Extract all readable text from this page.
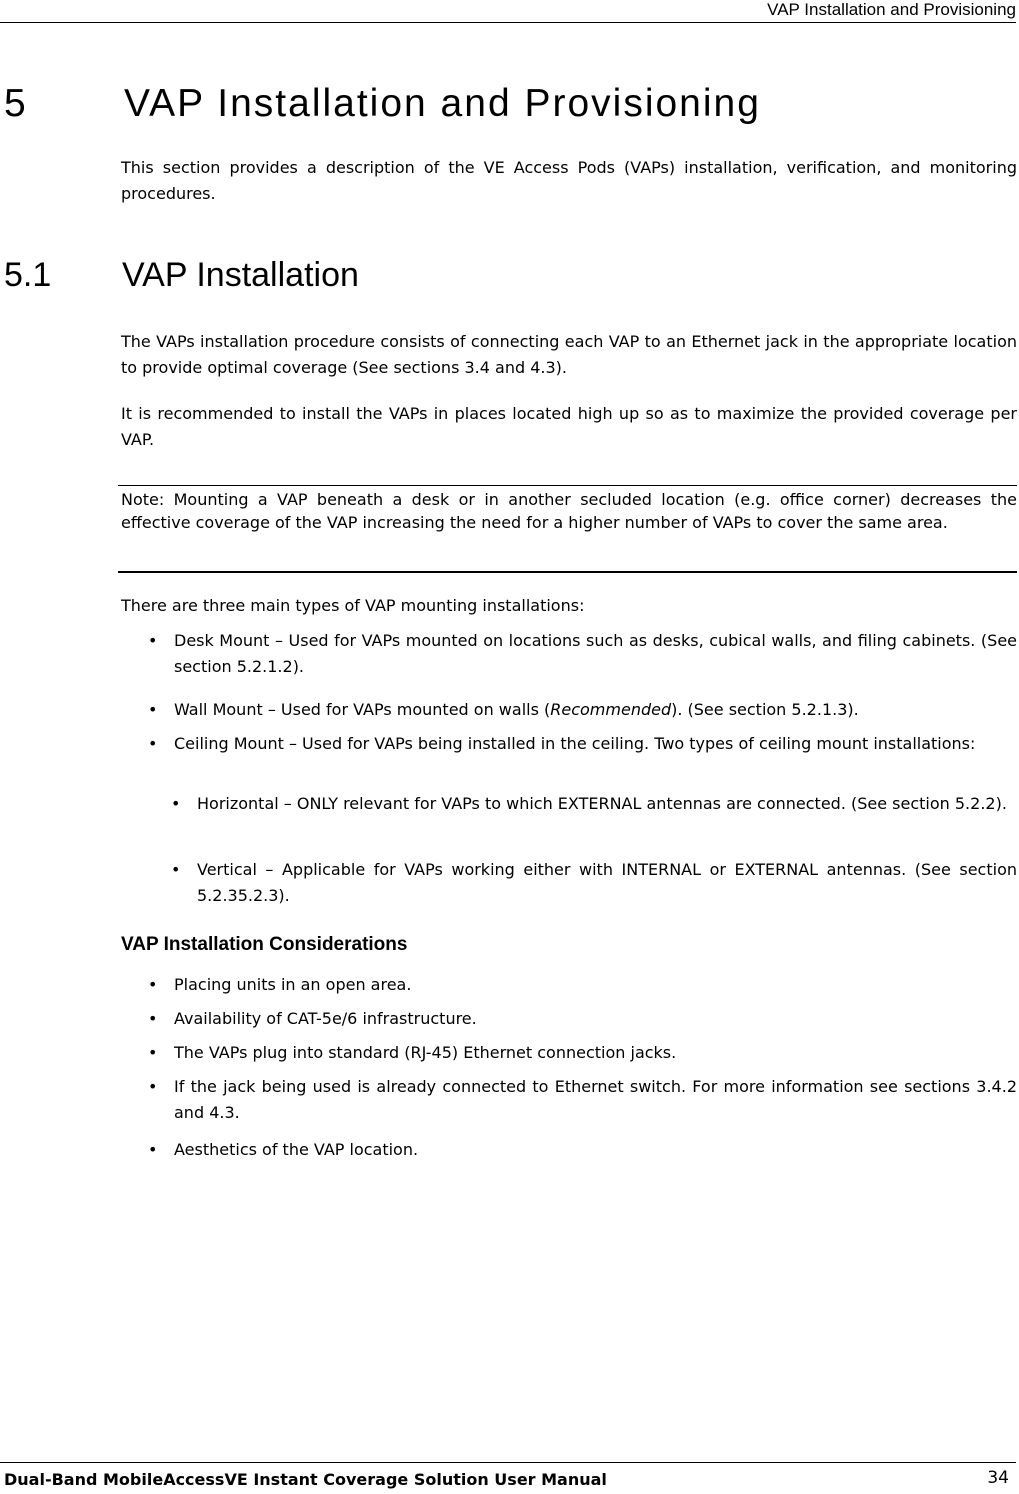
VAP Installation and Provisioning
5 VAP Installation and Provisioning
This section provides a description of the VE Access Pods (VAPs) installation, verification, and monitoring procedures.
5.1 VAP Installation
The VAPs installation procedure consists of connecting each VAP to an Ethernet jack in the appropriate location to provide optimal coverage (See sections 3.4 and 4.3).
It is recommended to install the VAPs in places located high up so as to maximize the provided coverage per VAP.
Note: Mounting a VAP beneath a desk or in another secluded location (e.g. office corner) decreases the effective coverage of the VAP increasing the need for a higher number of VAPs to cover the same area.
There are three main types of VAP mounting installations:
•	Desk Mount – Used for VAPs mounted on locations such as desks, cubical walls, and filing cabinets. (See section 5.2.1.2).
•	Wall Mount – Used for VAPs mounted on walls (Recommended). (See section 5.2.1.3).
•	Ceiling Mount – Used for VAPs being installed in the ceiling. Two types of ceiling mount installations:
•	Horizontal – ONLY relevant for VAPs to which EXTERNAL antennas are connected. (See section 5.2.2).
•	Vertical – Applicable for VAPs working either with INTERNAL or EXTERNAL antennas. (See section 5.2.35.2.3).
VAP Installation Considerations
•	Placing units in an open area.
•	Availability of CAT-5e/6 infrastructure.
•	The VAPs plug into standard (RJ-45) Ethernet connection jacks.
•	If the jack being used is already connected to Ethernet switch. For more information see sections 3.4.2 and 4.3.
•	Aesthetics of the VAP location.
Dual-Band MobileAccessVE Instant Coverage Solution User Manual	34
